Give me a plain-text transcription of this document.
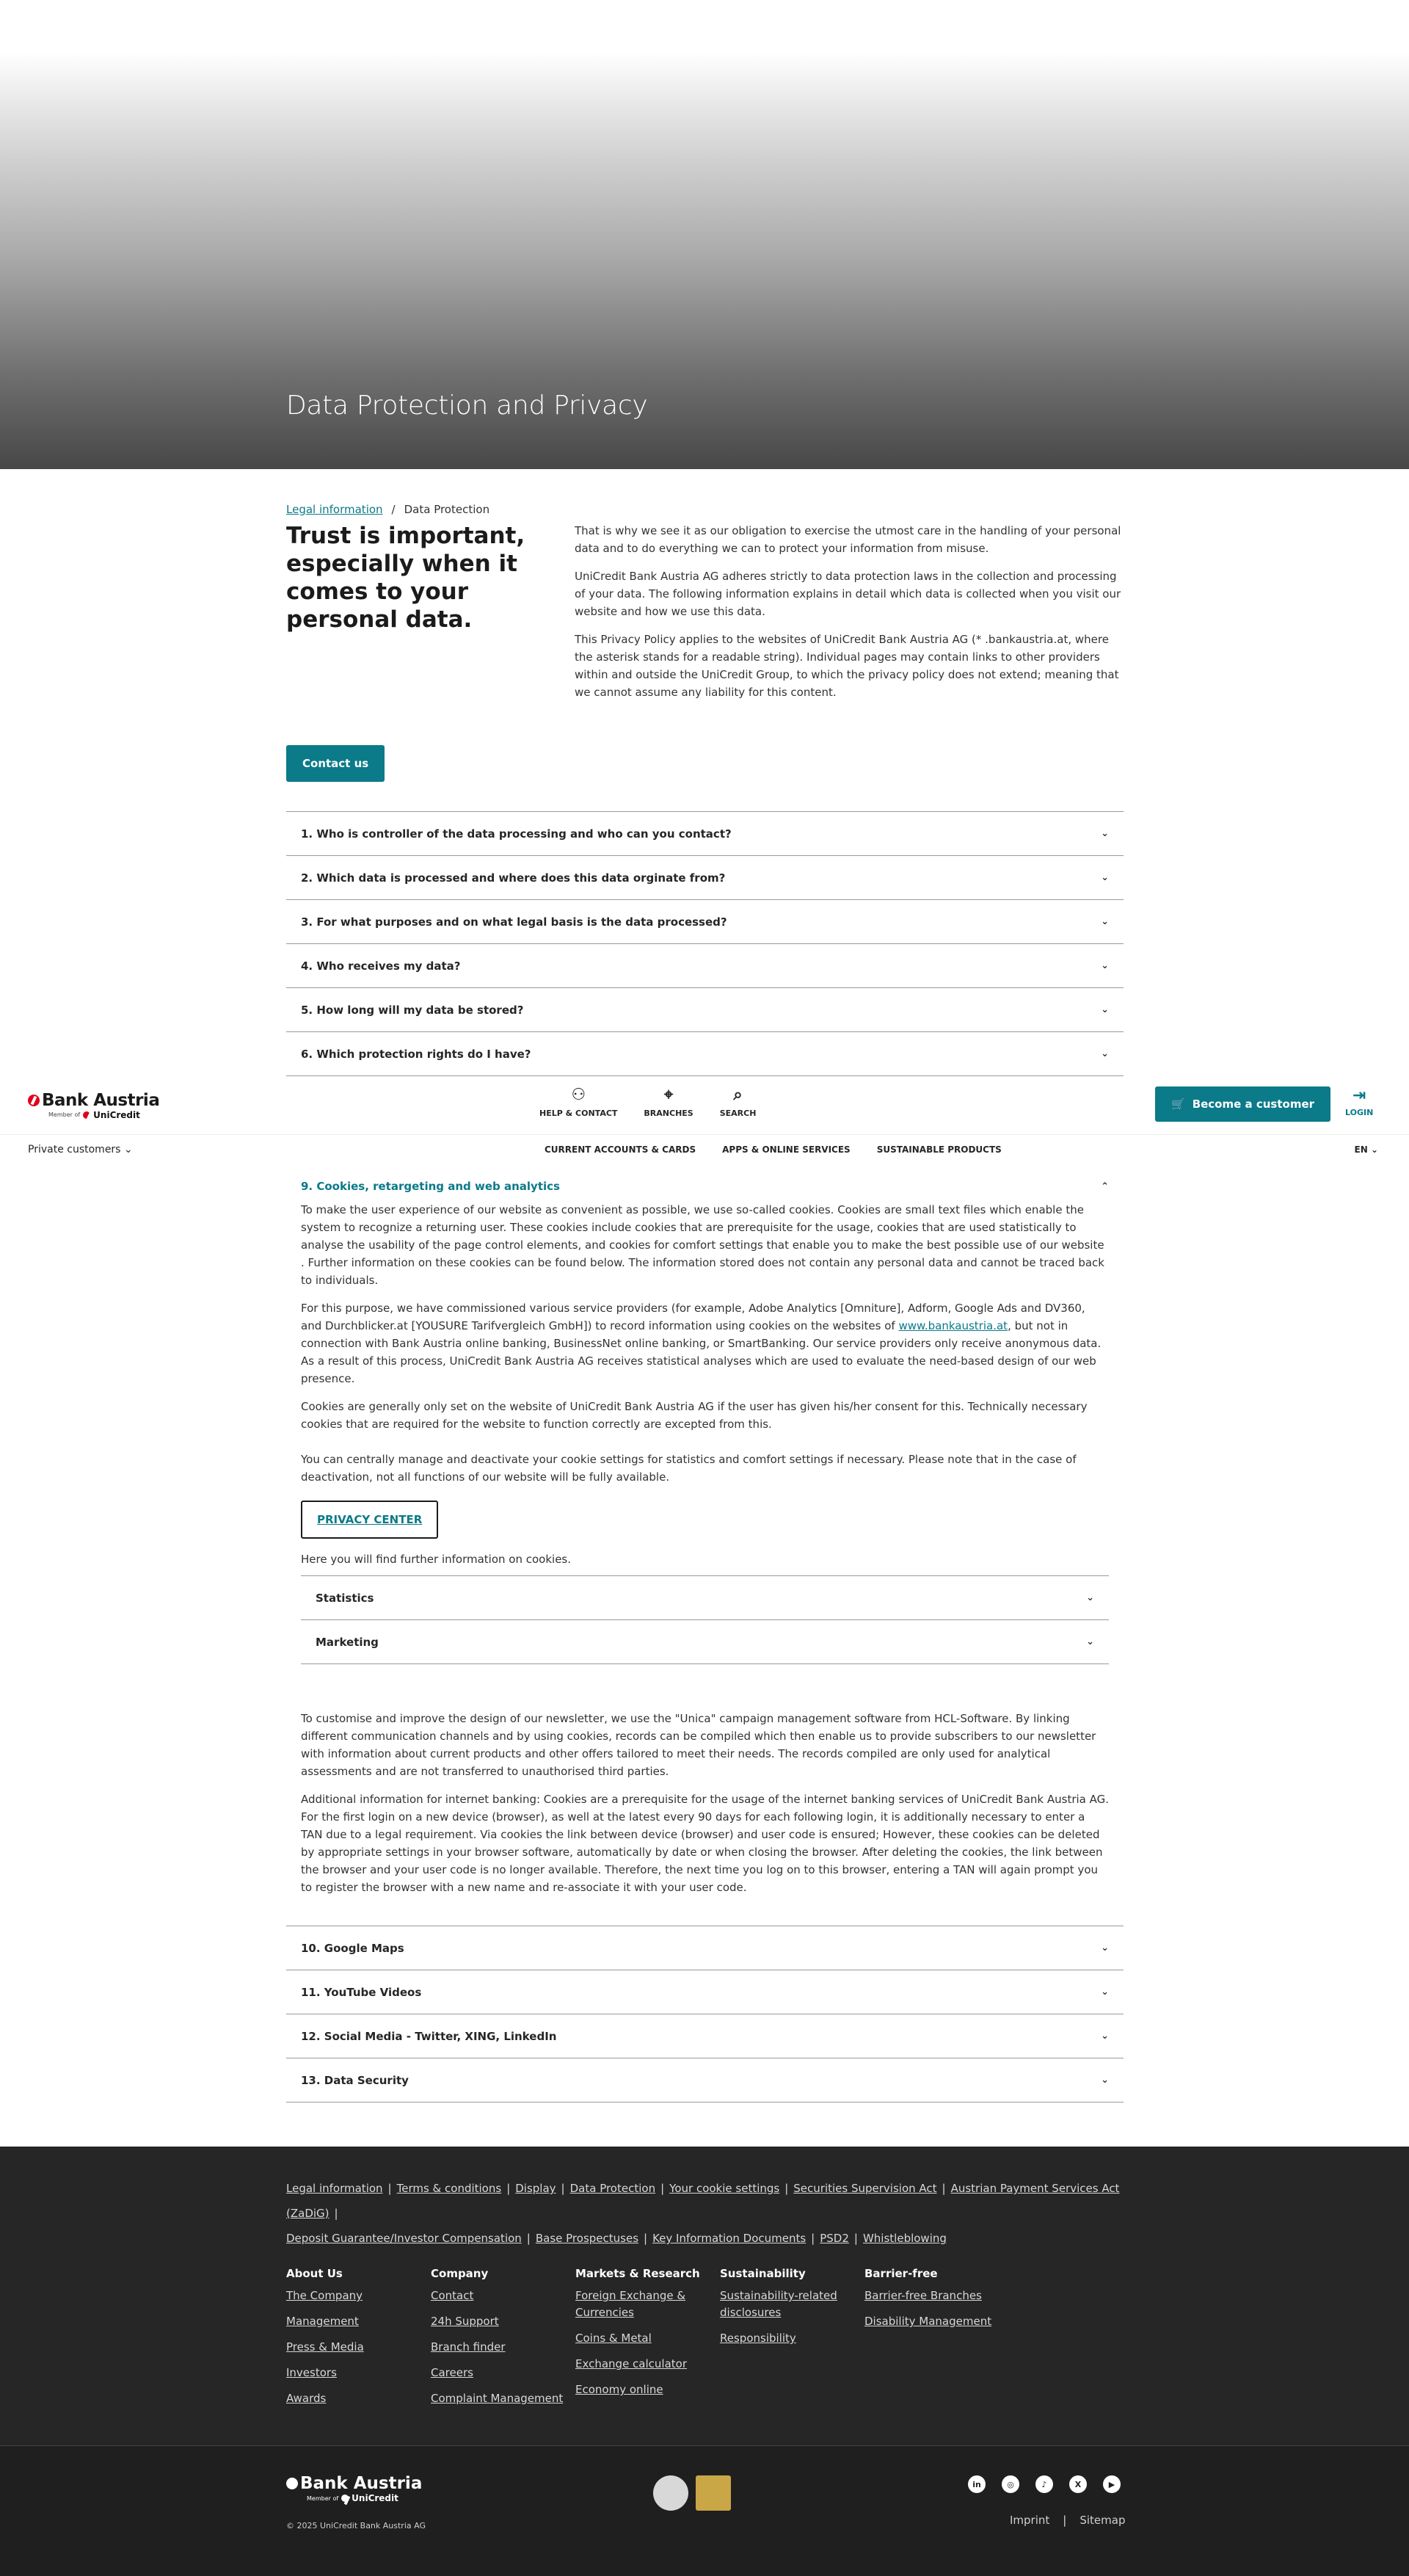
Data Protection and Privacy
Legal information / Data Protection
Trust is important, especially when it comes to your personal data.

That is why we see it as our obligation to exercise the utmost care in the handling of your personal data and to do everything we can to protect your information from misuse.

UniCredit Bank Austria AG adheres strictly to data protection laws in the collection and processing of your data. The following information explains in detail which data is collected when you visit our website and how we use this data.

This Privacy Policy applies to the websites of UniCredit Bank Austria AG (* .bankaustria.at, where the asterisk stands for a readable string). Individual pages may contain links to other providers within and outside the UniCredit Group, to which the privacy policy does not extend; meaning that we cannot assume any liability for this content.

Contact us
1. Who is controller of the data processing and who can you contact?	⌄
2. Which data is processed and where does this data orginate from?	⌄
3. For what purposes and on what legal basis is the data processed?	⌄
4. Who receives my data?	⌄
5. How long will my data be stored?	⌄
6. Which protection rights do I have?	⌄
Bank Austria
Member of UniCredit
⚇
HELP & CONTACT
⌖
BRANCHES
⌕
SEARCH
🛒 Become a customer ⇥
LOGIN
Private customers ⌄	CURRENT ACCOUNTS & CARDS	APPS & ONLINE SERVICES	SUSTAINABLE PRODUCTS	EN ⌄
9. Cookies, retargeting and web analytics	⌃

To make the user experience of our website as convenient as possible, we use so-called cookies. Cookies are small text files which enable the system to recognize a returning user. These cookies include cookies that are prerequisite for the usage, cookies that are used statistically to analyse the usability of the page control elements, and cookies for comfort settings that enable you to make the best possible use of our website . Further information on these cookies can be found below. The information stored does not contain any personal data and cannot be traced back to individuals.

For this purpose, we have commissioned various service providers (for example, Adobe Analytics [Omniture], Adform, Google Ads and DV360, and Durchblicker.at [YOUSURE Tarifvergleich GmbH]) to record information using cookies on the websites of www.bankaustria.at, but not in connection with Bank Austria online banking, BusinessNet online banking, or SmartBanking. Our service providers only receive anonymous data.
As a result of this process, UniCredit Bank Austria AG receives statistical analyses which are used to evaluate the need-based design of our web presence.

Cookies are generally only set on the website of UniCredit Bank Austria AG if the user has given his/her consent for this. Technically necessary cookies that are required for the website to function correctly are excepted from this.

You can centrally manage and deactivate your cookie settings for statistics and comfort settings if necessary. Please note that in the case of deactivation, not all functions of our website will be fully available.

PRIVACY CENTER

Here you will find further information on cookies.

Statistics	⌄
Marketing	⌄

To customise and improve the design of our newsletter, we use the "Unica" campaign management software from HCL-Software. By linking different communication channels and by using cookies, records can be compiled which then enable us to provide subscribers to our newsletter with information about current products and other offers tailored to meet their needs. The records compiled are only used for analytical assessments and are not transferred to unauthorised third parties.

Additional information for internet banking: Cookies are a prerequisite for the usage of the internet banking services of UniCredit Bank Austria AG. For the first login on a new device (browser), as well at the latest every 90 days for each following login, it is additionally necessary to enter a TAN due to a legal requirement. Via cookies the link between device (browser) and user code is ensured; However, these cookies can be deleted by appropriate settings in your browser software, automatically by date or when closing the browser. After deleting the cookies, the link between the browser and your user code is no longer available. Therefore, the next time you log on to this browser, entering a TAN will again prompt you to register the browser with a new name and re-associate it with your user code.

10. Google Maps	⌄
11. YouTube Videos	⌄
12. Social Media - Twitter, XING, LinkedIn	⌄
13. Data Security	⌄
Legal information | Terms & conditions | Display | Data Protection | Your cookie settings | Securities Supervision Act | Austrian Payment Services Act (ZaDiG) |
Deposit Guarantee/Investor Compensation | Base Prospectuses | Key Information Documents | PSD2 | Whistleblowing
About Us
The Company
Management
Press & Media
Investors
Awards
Company
Contact
24h Support
Branch finder
Careers
Complaint Management
Markets & Research
Foreign Exchange & Currencies
Coins & Metal
Exchange calculator
Economy online
Sustainability
Sustainability-related disclosures
Responsibility
Barrier-free
Barrier-free Branches
Disability Management
Bank Austria
Member of UniCredit
© 2025 UniCredit Bank Austria AG
in	◎	♪	X	▶
Imprint | Sitemap
